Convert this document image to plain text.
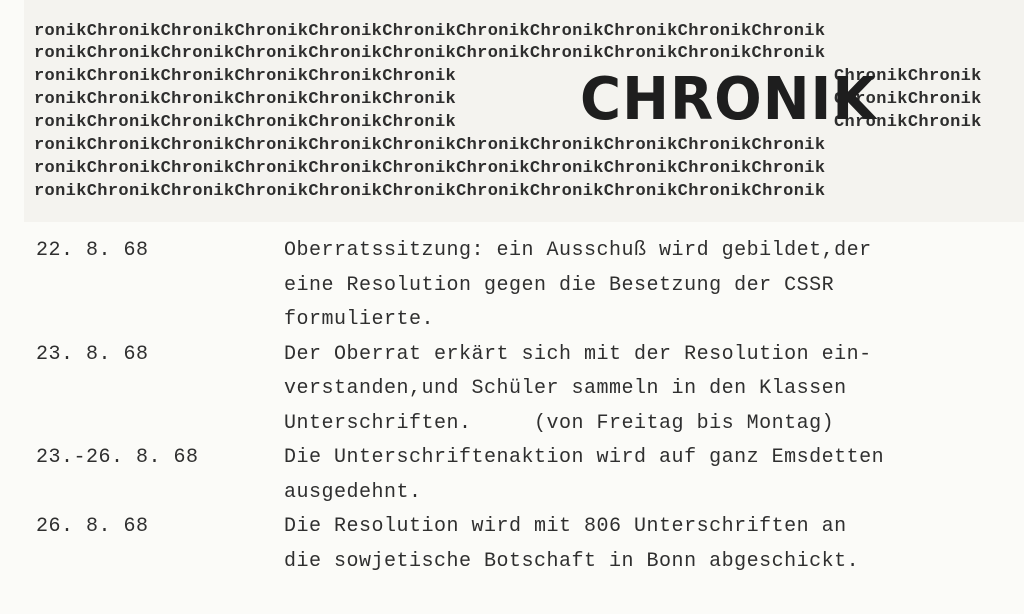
ronikChronikChronikChronikChronikChronikChronikChronikChronikChronikChronik
ronikChronikChronikChronikChronikChronikChronikChronikChronikChronikChronik
ronikChronikChronikChronikChronikChronik
ronikChronikChronikChronikChronikChronik
ronikChronikChronikChronikChronikChronik
ronikChronikChronikChronikChronikChronikChronikChronikChronikChronikChronik
ronikChronikChronikChronikChronikChronikChronikChronikChronikChronikChronik
ronikChronikChronikChronikChronikChronikChronikChronikChronikChronikChronik
ChronikChronik
ChronikChronik
ChronikChronik
CHRONIK
22. 8. 68	Oberratssitzung: ein Ausschuß wird gebildet,der
eine Resolution gegen die Besetzung der CSSR
formulierte.
23. 8. 68	Der Oberrat erkärt sich mit der Resolution ein-
verstanden,und Schüler sammeln in den Klassen
Unterschriften.     (von Freitag bis Montag)
23.-26. 8. 68	Die Unterschriftenaktion wird auf ganz Emsdetten
ausgedehnt.
26. 8. 68	Die Resolution wird mit 806 Unterschriften an
die sowjetische Botschaft in Bonn abgeschickt.
